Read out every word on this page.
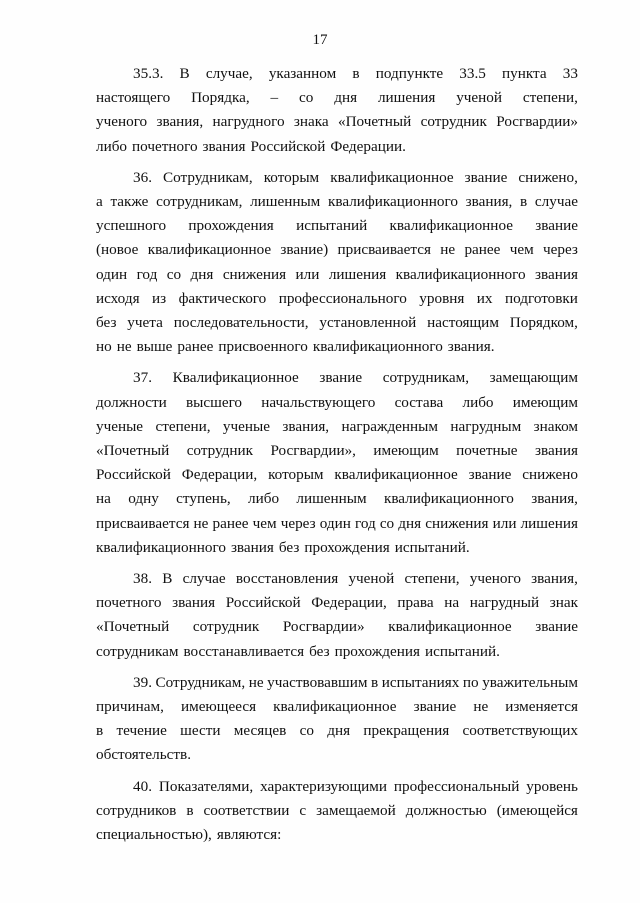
17
35.3. В случае, указанном в подпункте 33.5 пункта 33
настоящего Порядка, – со дня лишения ученой степени,
ученого звания, нагрудного знака «Почетный сотрудник Росгвардии»
либо почетного звания Российской Федерации.
36. Сотрудникам, которым квалификационное звание снижено,
а также сотрудникам, лишенным квалификационного звания, в случае
успешного прохождения испытаний квалификационное звание
(новое квалификационное звание) присваивается не ранее чем через
один год со дня снижения или лишения квалификационного звания
исходя из фактического профессионального уровня их подготовки
без учета последовательности, установленной настоящим Порядком,
но не выше ранее присвоенного квалификационного звания.
37. Квалификационное звание сотрудникам, замещающим
должности высшего начальствующего состава либо имеющим
ученые степени, ученые звания, награжденным нагрудным знаком
«Почетный сотрудник Росгвардии», имеющим почетные звания
Российской Федерации, которым квалификационное звание снижено
на одну ступень, либо лишенным квалификационного звания,
присваивается не ранее чем через один год со дня снижения или лишения
квалификационного звания без прохождения испытаний.
38. В случае восстановления ученой степени, ученого звания,
почетного звания Российской Федерации, права на нагрудный знак
«Почетный сотрудник Росгвардии» квалификационное звание
сотрудникам восстанавливается без прохождения испытаний.
39. Сотрудникам, не участвовавшим в испытаниях по уважительным
причинам, имеющееся квалификационное звание не изменяется
в течение шести месяцев со дня прекращения соответствующих
обстоятельств.
40. Показателями, характеризующими профессиональный уровень
сотрудников в соответствии с замещаемой должностью (имеющейся
специальностью), являются:
